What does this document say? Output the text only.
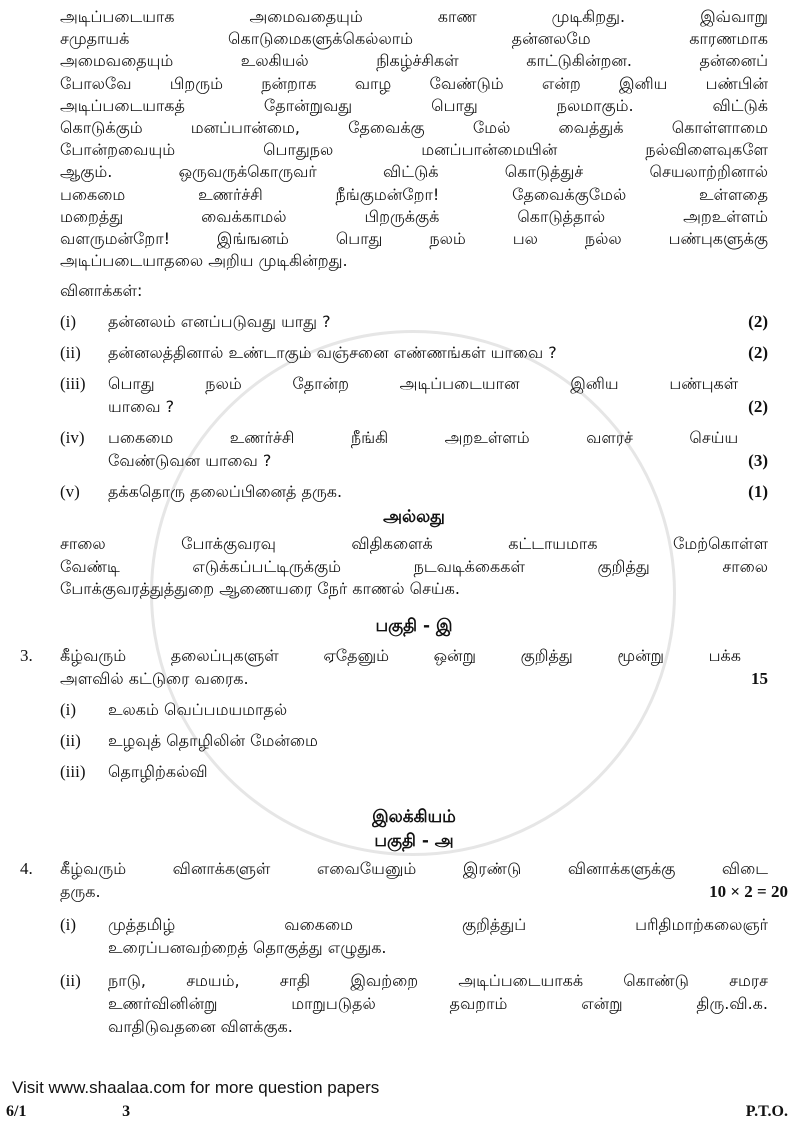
அடிப்படையாக அமைவதையும் காண முடிகிறது. இவ்வாறு
சமுதாயக் கொடுமைகளுக்கெல்லாம் தன்னலமே காரணமாக
அமைவதையும் உலகியல் நிகழ்ச்சிகள் காட்டுகின்றன. தன்னைப்
போலவே பிறரும் நன்றாக வாழ வேண்டும் என்ற இனிய பண்பின்
அடிப்படையாகத் தோன்றுவது பொது நலமாகும். விட்டுக்
கொடுக்கும் மனப்பான்மை, தேவைக்கு மேல் வைத்துக் கொள்ளாமை
போன்றவையும் பொதுநல மனப்பான்மையின் நல்விளைவுகளே
ஆகும். ஒருவருக்கொருவர் விட்டுக் கொடுத்துச் செயலாற்றினால்
பகைமை உணர்ச்சி நீங்குமன்றோ! தேவைக்குமேல் உள்ளதை
மறைத்து வைக்காமல் பிறருக்குக் கொடுத்தால் அறஉள்ளம்
வளருமன்றோ! இங்ஙனம் பொது நலம் பல நல்ல பண்புகளுக்கு
அடிப்படையாதலை அறிய முடிகின்றது.
வினாக்கள்:
(i)	தன்னலம் எனப்படுவது யாது ?	(2)
(ii)	தன்னலத்தினால் உண்டாகும் வஞ்சனை எண்ணங்கள் யாவை ?	(2)
(iii)	பொது நலம் தோன்ற அடிப்படையான இனிய பண்புகள்
யாவை ?	(2)
(iv)	பகைமை உணர்ச்சி நீங்கி அறஉள்ளம் வளரச் செய்ய
வேண்டுவன யாவை ?	(3)
(v)	தக்கதொரு தலைப்பினைத் தருக.	(1)
அல்லது
சாலை போக்குவரவு விதிகளைக் கட்டாயமாக மேற்கொள்ள
வேண்டி எடுக்கப்பட்டிருக்கும் நடவடிக்கைகள் குறித்து சாலை
போக்குவரத்துத்துறை ஆணையரை நேர் காணல் செய்க.
பகுதி - இ
3.	கீழ்வரும் தலைப்புகளுள் ஏதேனும் ஒன்று குறித்து மூன்று பக்க
அளவில் கட்டுரை வரைக.	15
(i)	உலகம் வெப்பமயமாதல்
(ii)	உழவுத் தொழிலின் மேன்மை
(iii)	தொழிற்கல்வி
இலக்கியம்
பகுதி - அ
4.	கீழ்வரும் வினாக்களுள் எவையேனும் இரண்டு வினாக்களுக்கு விடை
தருக.	10 × 2 = 20
(i)	முத்தமிழ் வகைமை குறித்துப் பரிதிமாற்கலைஞர்
உரைப்பனவற்றைத் தொகுத்து எழுதுக.
(ii)	நாடு, சமயம், சாதி இவற்றை அடிப்படையாகக் கொண்டு சமரச
உணர்வினின்று மாறுபடுதல் தவறாம் என்று திரு.வி.க.
வாதிடுவதனை விளக்குக.
Visit www.shaalaa.com for more question papers
6/1	3	P.T.O.
